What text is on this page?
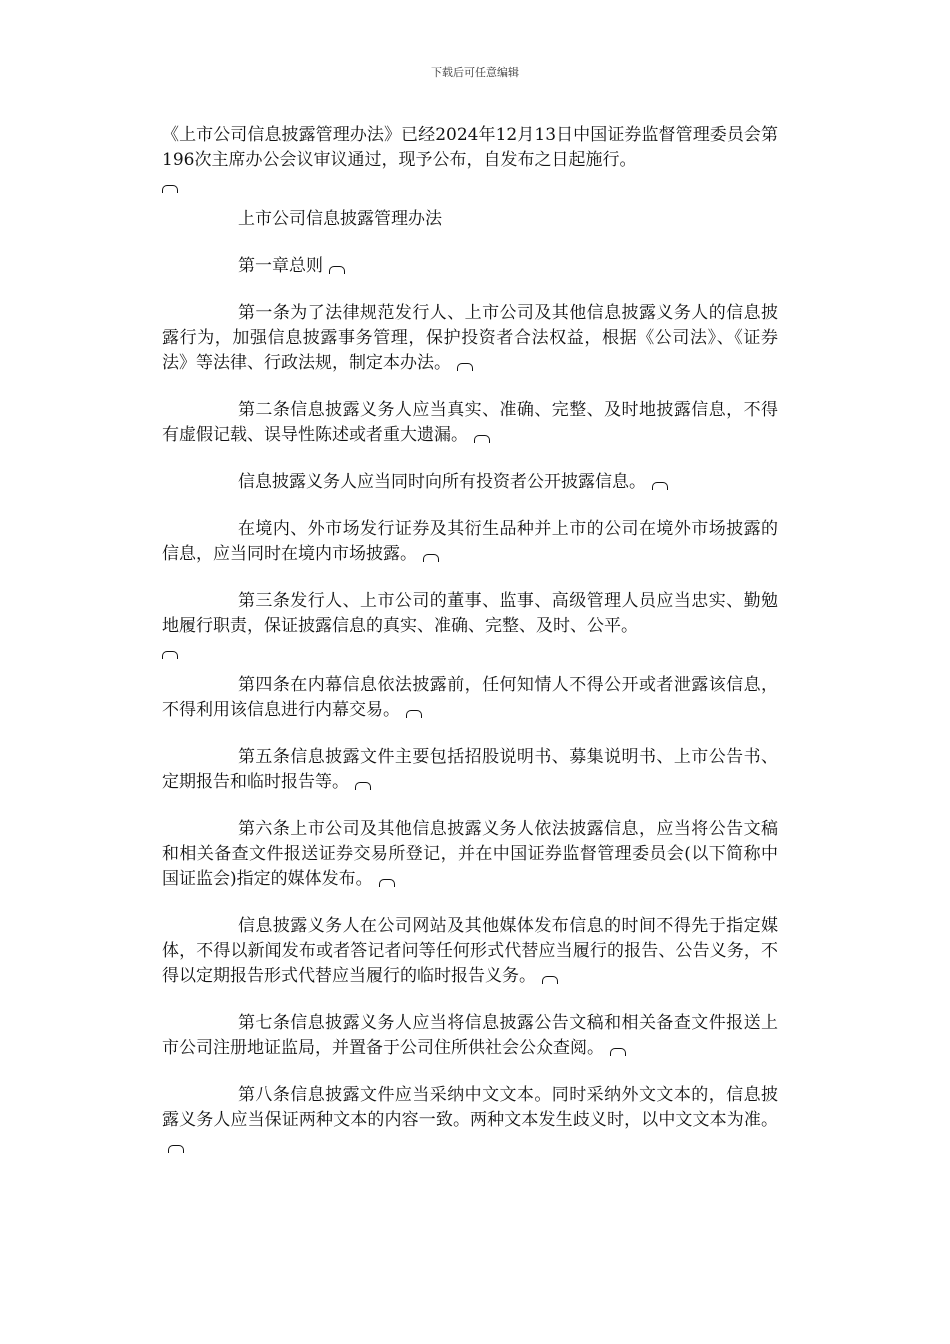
下载后可任意编辑

《上市公司信息披露管理办法》已经2024年12月13日中国证券监督管理委员会第196次主席办公会议审议通过，现予公布，自发布之日起施行。

上市公司信息披露管理办法

第一章总则

第一条为了法律规范发行人、上市公司及其他信息披露义务人的信息披露行为，加强信息披露事务管理，保护投资者合法权益，根据《公司法》、《证券法》等法律、行政法规，制定本办法。

第二条信息披露义务人应当真实、准确、完整、及时地披露信息，不得有虚假记载、误导性陈述或者重大遗漏。

信息披露义务人应当同时向所有投资者公开披露信息。

在境内、外市场发行证券及其衍生品种并上市的公司在境外市场披露的信息，应当同时在境内市场披露。

第三条发行人、上市公司的董事、监事、高级管理人员应当忠实、勤勉地履行职责，保证披露信息的真实、准确、完整、及时、公平。

第四条在内幕信息依法披露前，任何知情人不得公开或者泄露该信息，不得利用该信息进行内幕交易。

第五条信息披露文件主要包括招股说明书、募集说明书、上市公告书、定期报告和临时报告等。

第六条上市公司及其他信息披露义务人依法披露信息，应当将公告文稿和相关备查文件报送证券交易所登记，并在中国证券监督管理委员会(以下简称中国证监会)指定的媒体发布。

信息披露义务人在公司网站及其他媒体发布信息的时间不得先于指定媒体，不得以新闻发布或者答记者问等任何形式代替应当履行的报告、公告义务，不得以定期报告形式代替应当履行的临时报告义务。

第七条信息披露义务人应当将信息披露公告文稿和相关备查文件报送上市公司注册地证监局，并置备于公司住所供社会公众查阅。

第八条信息披露文件应当采纳中文文本。同时采纳外文文本的，信息披露义务人应当保证两种文本的内容一致。两种文本发生歧义时，以中文文本为准。
